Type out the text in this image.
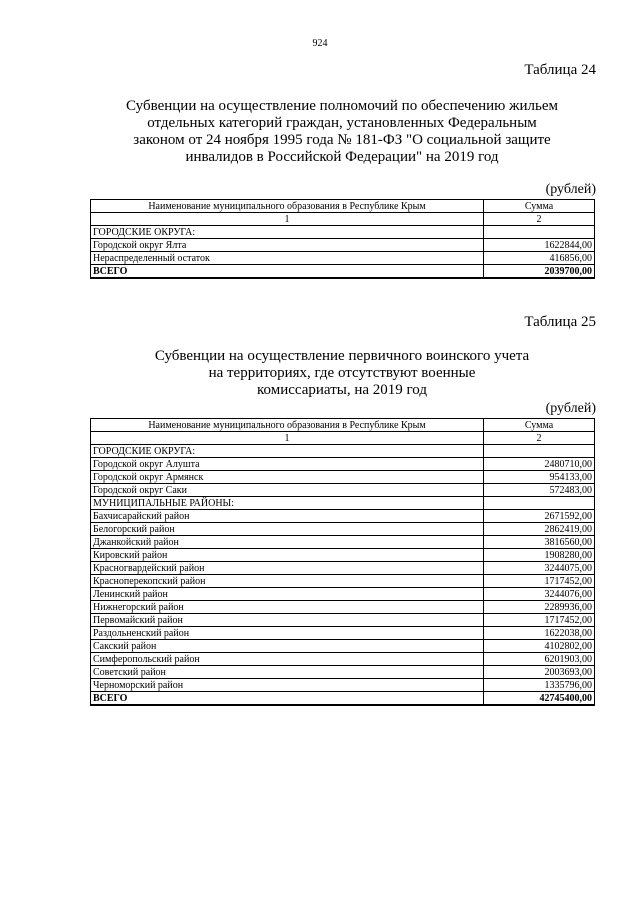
924
Таблица 24
Субвенции на осуществление полномочий по обеспечению жильем
отдельных категорий граждан, установленных Федеральным
законом от 24 ноября 1995 года № 181-ФЗ "О социальной защите
инвалидов в Российской Федерации" на 2019 год
(рублей)
Наименование муниципального образования в Республике Крым	Сумма
1	2
ГОРОДСКИЕ ОКРУГА:	
Городской округ Ялта	1622844,00
Нераспределенный остаток	416856,00
ВСЕГО	2039700,00
Таблица 25
Субвенции на осуществление первичного воинского учета
на территориях, где отсутствуют военные
комиссариаты, на 2019 год
(рублей)
Наименование муниципального образования в Республике Крым	Сумма
1	2
ГОРОДСКИЕ ОКРУГА:	
Городской округ Алушта	2480710,00
Городской округ Армянск	954133,00
Городской округ Саки	572483,00
МУНИЦИПАЛЬНЫЕ РАЙОНЫ:	
Бахчисарайский район	2671592,00
Белогорский район	2862419,00
Джанкойский район	3816560,00
Кировский район	1908280,00
Красногвардейский район	3244075,00
Красноперекопский район	1717452,00
Ленинский район	3244076,00
Нижнегорский район	2289936,00
Первомайский район	1717452,00
Раздольненский район	1622038,00
Сакский район	4102802,00
Симферопольский район	6201903,00
Советский район	2003693,00
Черноморский район	1335796,00
ВСЕГО	42745400,00
